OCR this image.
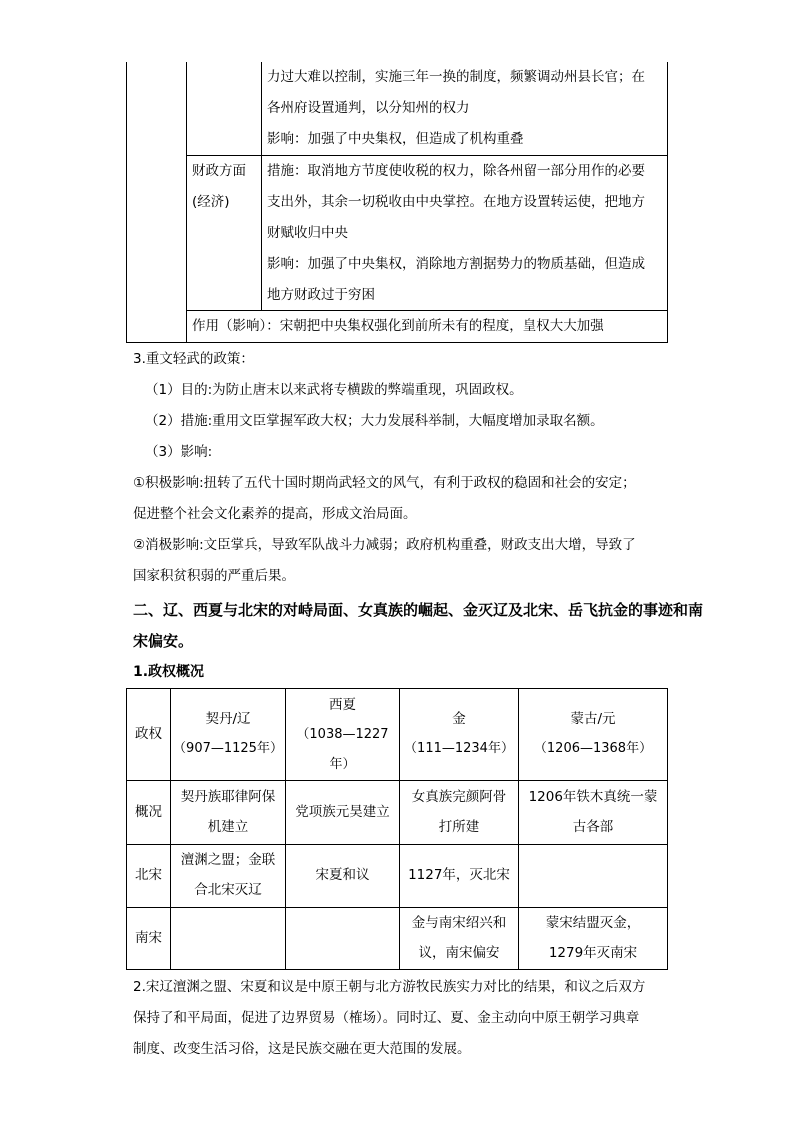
力过大难以控制，实施三年一换的制度，频繁调动州县长官；在
各州府设置通判，以分知州的权力
影响：加强了中央集权，但造成了机构重叠
财政方面
(经济)
措施：取消地方节度使收税的权力，除各州留一部分用作的必要
支出外，其余一切税收由中央掌控。在地方设置转运使，把地方
财赋收归中央
影响：加强了中央集权，消除地方割据势力的物质基础，但造成
地方财政过于穷困
作用（影响）：宋朝把中央集权强化到前所未有的程度，皇权大大加强
3.重文轻武的政策：
（1）目的:为防止唐末以来武将专横跋的弊端重现，巩固政权。
（2）措施:重用文臣掌握军政大权；大力发展科举制，大幅度增加录取名额。
（3）影响:
①积极影响:扭转了五代十国时期尚武轻文的风气，有利于政权的稳固和社会的安定；
促进整个社会文化素养的提高，形成文治局面。
②消极影响:文臣掌兵，导致军队战斗力减弱；政府机构重叠，财政支出大增，导致了
国家积贫积弱的严重后果。
二、辽、西夏与北宋的对峙局面、女真族的崛起、金灭辽及北宋、岳飞抗金的事迹和南
宋偏安。
1.政权概况
政权
契丹/辽
（907—1125年）
西夏
（1038—1227
年）
金
（111—1234年）
蒙古/元
（1206—1368年）
概况
契丹族耶律阿保
机建立
党项族元昊建立
女真族完颜阿骨
打所建
1206年铁木真统一蒙
古各部
北宋
澶渊之盟；金联
合北宋灭辽
宋夏和议	1127年，灭北宋
南宋
金与南宋绍兴和
议，南宋偏安
蒙宋结盟灭金，
1279年灭南宋
2.宋辽澶渊之盟、宋夏和议是中原王朝与北方游牧民族实力对比的结果，和议之后双方
保持了和平局面，促进了边界贸易（榷场）。同时辽、夏、金主动向中原王朝学习典章
制度、改变生活习俗，这是民族交融在更大范围的发展。
